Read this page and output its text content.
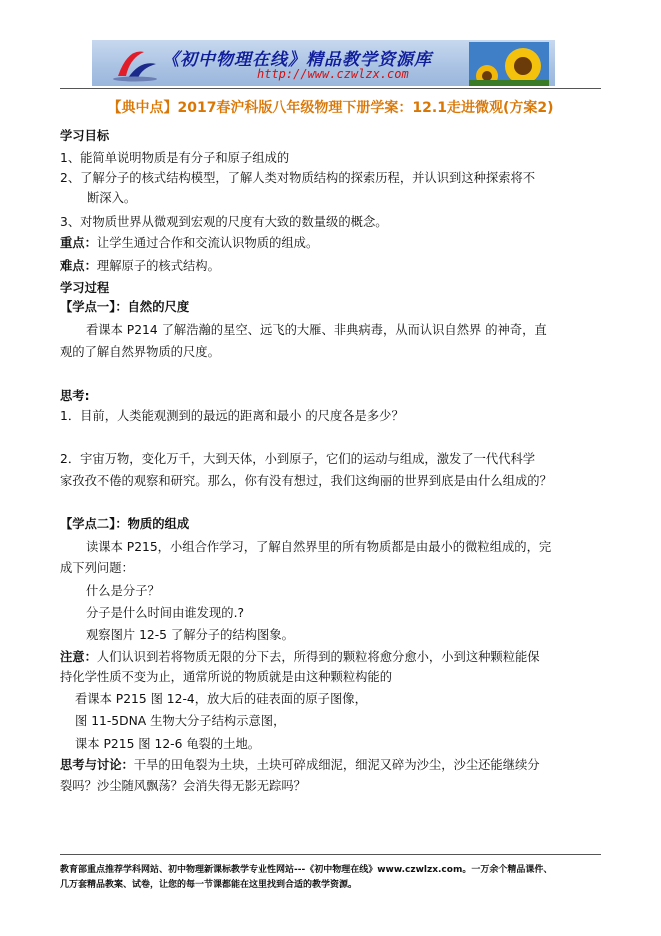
《初中物理在线》精品教学资源库
http://www.czwlzx.com
【典中点】2017春沪科版八年级物理下册学案：12.1走进微观(方案2)
学习目标
1、能简单说明物质是有分子和原子组成的
2、了解分子的核式结构模型，了解人类对物质结构的探索历程，并认识到这种探索将不
断深入。
3、对物质世界从微观到宏观的尺度有大致的数量级的概念。
重点：让学生通过合作和交流认识物质的组成。
难点：理解原子的核式结构。
学习过程
【学点一】：自然的尺度
看课本 P214 了解浩瀚的星空、远飞的大雁、非典病毒，从而认识自然界 的神奇，直
观的了解自然界物质的尺度。
思考:
1．目前，人类能观测到的最远的距离和最小 的尺度各是多少？
2．宇宙万物，变化万千，大到天体，小到原子，它们的运动与组成，激发了一代代科学
家孜孜不倦的观察和研究。那么，你有没有想过，我们这绚丽的世界到底是由什么组成的？
【学点二】：物质的组成
读课本 P215，小组合作学习，了解自然界里的所有物质都是由最小的微粒组成的，完
成下列问题：
什么是分子？
分子是什么时间由谁发现的.?
观察图片 12-5 了解分子的结构图象。
注意：人们认识到若将物质无限的分下去，所得到的颗粒将愈分愈小，小到这种颗粒能保
持化学性质不变为止，通常所说的物质就是由这种颗粒构能的
看课本 P215 图 12-4，放大后的硅表面的原子图像，
图 11-5DNA 生物大分子结构示意图，
课本 P215 图 12-6 龟裂的土地。
思考与讨论：干旱的田龟裂为土块，土块可碎成细泥，细泥又碎为沙尘，沙尘还能继续分
裂吗？沙尘随风飘荡？会消失得无影无踪吗？
教育部重点推荐学科网站、初中物理新课标教学专业性网站---《初中物理在线》www.czwlzx.com。一万余个精品课件、
几万套精品教案、试卷，让您的每一节课都能在这里找到合适的教学资源。
